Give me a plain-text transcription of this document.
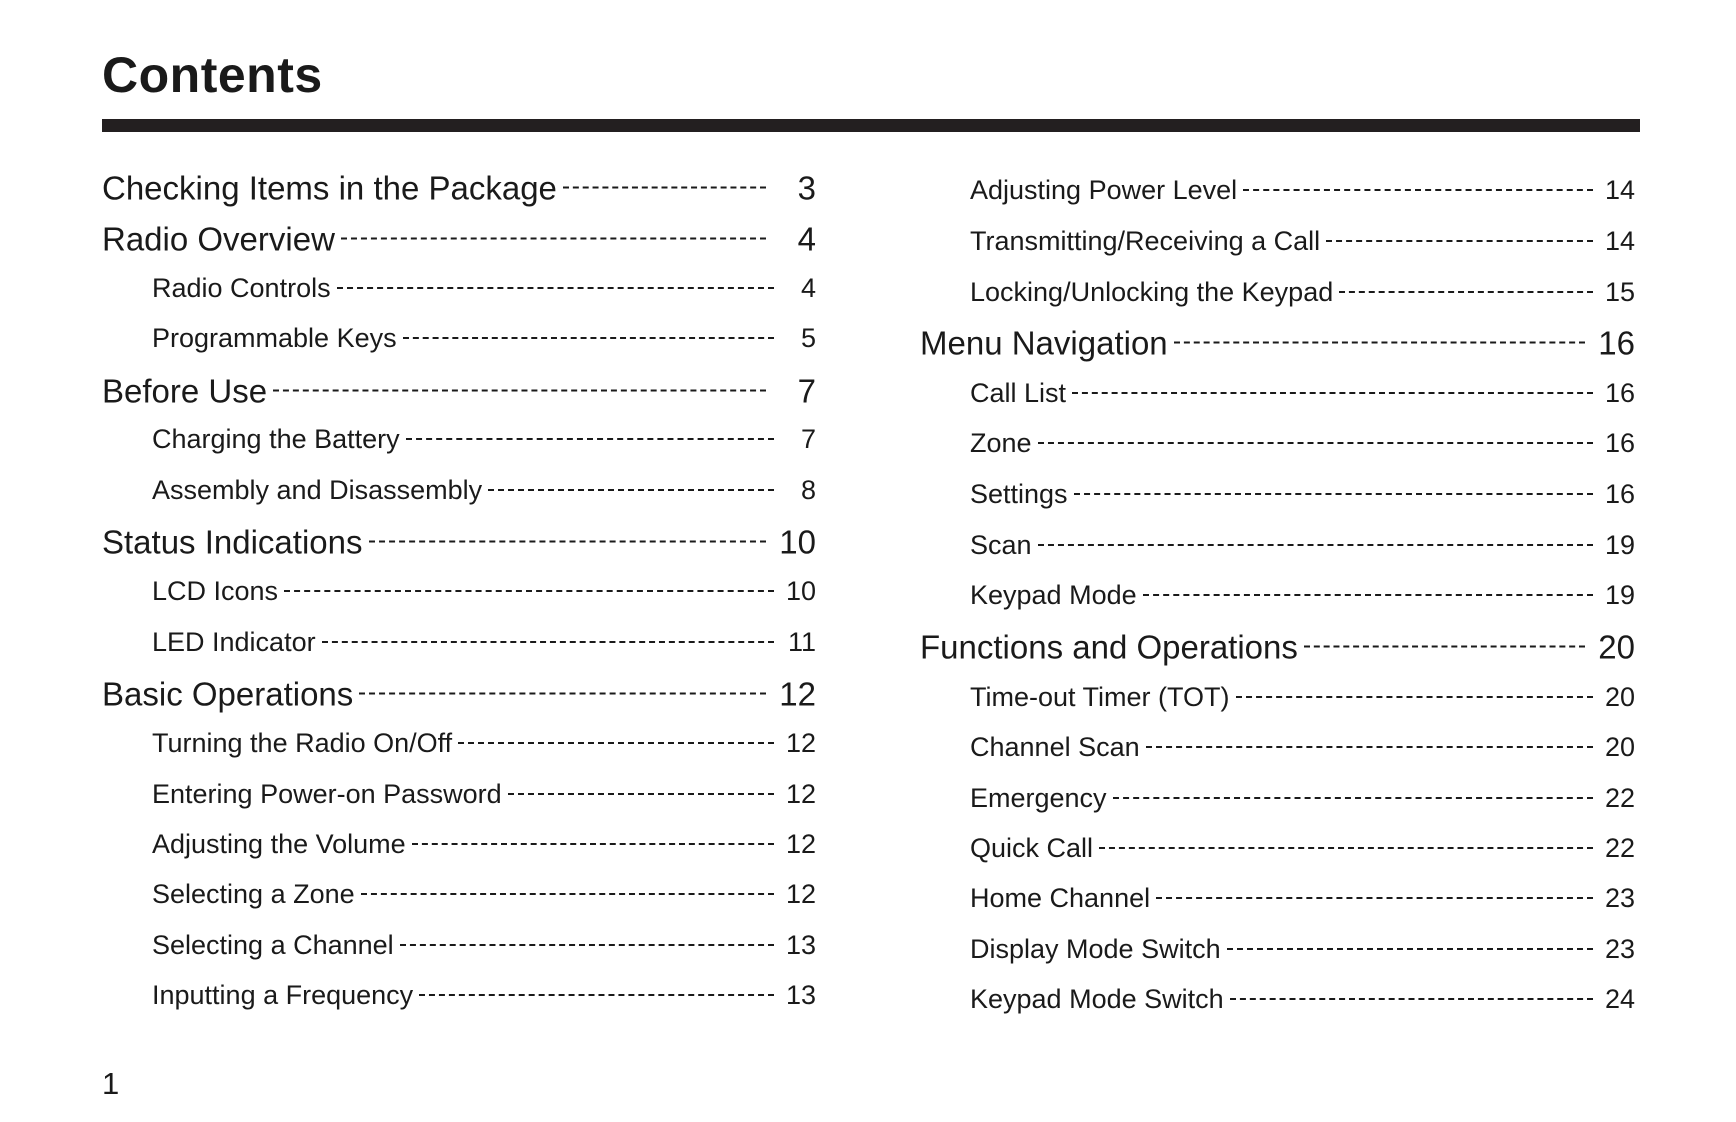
Contents
Checking Items in the Package	3
Radio Overview	4
Radio Controls	4
Programmable Keys	5
Before Use	7
Charging the Battery	7
Assembly and Disassembly	8
Status Indications	10
LCD Icons	10
LED Indicator	11
Basic Operations	12
Turning the Radio On/Off	12
Entering Power-on Password	12
Adjusting the Volume	12
Selecting a Zone	12
Selecting a Channel	13
Inputting a Frequency	13
Adjusting Power Level	14
Transmitting/Receiving a Call	14
Locking/Unlocking the Keypad	15
Menu Navigation	16
Call List	16
Zone	16
Settings	16
Scan	19
Keypad Mode	19
Functions and Operations	20
Time-out Timer (TOT)	20
Channel Scan	20
Emergency	22
Quick Call	22
Home Channel	23
Display Mode Switch	23
Keypad Mode Switch	24
1
